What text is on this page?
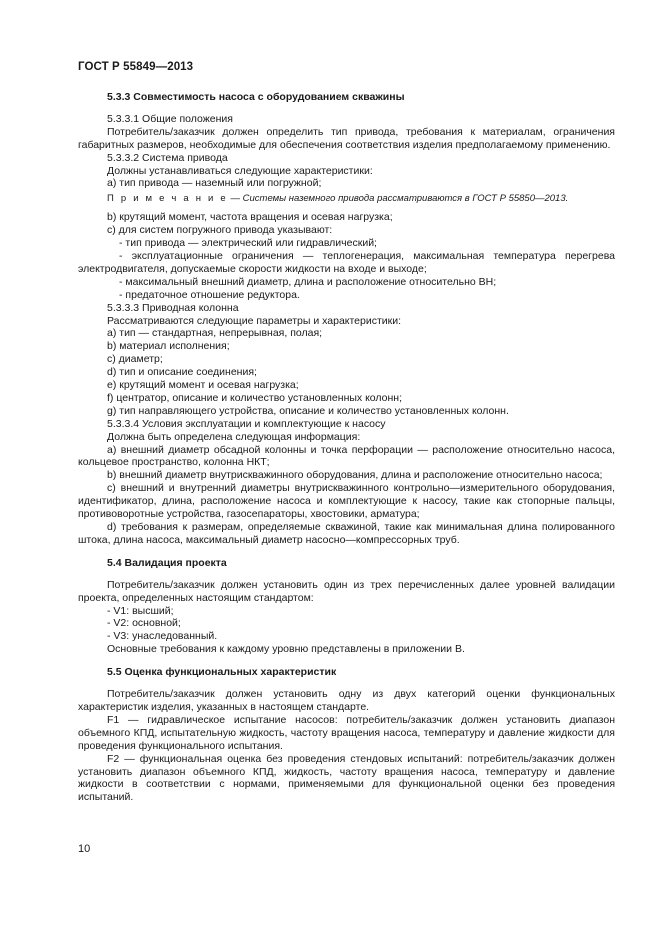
ГОСТ Р 55849—2013

5.3.3 Совместимость насоса с оборудованием скважины

5.3.3.1 Общие положения

Потребитель/заказчик должен определить тип привода, требования к материалам, ограничения габаритных размеров, необходимые для обеспечения соответствия изделия предполагаемому применению.

5.3.3.2 Система привода

Должны устанавливаться следующие характеристики:

a) тип привода — наземный или погружной;

П р и м е ч а н и е — Системы наземного привода рассматриваются в ГОСТ Р 55850—2013.

b) крутящий момент, частота вращения и осевая нагрузка;

c) для систем погружного привода указывают:

- тип привода — электрический или гидравлический;

- эксплуатационные ограничения — теплогенерация, максимальная температура перегрева электродвигателя, допускаемые скорости жидкости на входе и выходе;

- максимальный внешний диаметр, длина и расположение относительно ВН;

- предаточное отношение редуктора.

5.3.3.3 Приводная колонна

Рассматриваются следующие параметры и характеристики:

a) тип — стандартная, непрерывная, полая;

b) материал исполнения;

c) диаметр;

d) тип и описание соединения;

e) крутящий момент и осевая нагрузка;

f) центратор, описание и количество установленных колонн;

g) тип направляющего устройства, описание и количество установленных колонн.

5.3.3.4 Условия эксплуатации и комплектующие к насосу

Должна быть определена следующая информация:

a) внешний диаметр обсадной колонны и точка перфорации — расположение относительно насоса, кольцевое пространство, колонна НКТ;

b) внешний диаметр внутрискважинного оборудования, длина и расположение относительно насоса;

c) внешний и внутренний диаметры внутрискважинного контрольно—измерительного оборудования, идентификатор, длина, расположение насоса и комплектующие к насосу, такие как стопорные пальцы, противоворотные устройства, газосепараторы, хвостовики, арматура;

d) требования к размерам, определяемые скважиной, такие как минимальная длина полированного штока, длина насоса, максимальный диаметр насосно—компрессорных труб.

5.4 Валидация проекта

Потребитель/заказчик должен установить один из трех перечисленных далее уровней валидации проекта, определенных настоящим стандартом:

- V1: высший;

- V2: основной;

- V3: унаследованный.

Основные требования к каждому уровню представлены в приложении В.

5.5 Оценка функциональных характеристик

Потребитель/заказчик должен установить одну из двух категорий оценки функциональных характеристик изделия, указанных в настоящем стандарте.

F1 — гидравлическое испытание насосов: потребитель/заказчик должен установить диапазон объемного КПД, испытательную жидкость, частоту вращения насоса, температуру и давление жидкости для проведения функционального испытания.

F2 — функциональная оценка без проведения стендовых испытаний: потребитель/заказчик должен установить диапазон объемного КПД, жидкость, частоту вращения насоса, температуру и давление жидкости в соответствии с нормами, применяемыми для функциональной оценки без проведения испытаний.

10
